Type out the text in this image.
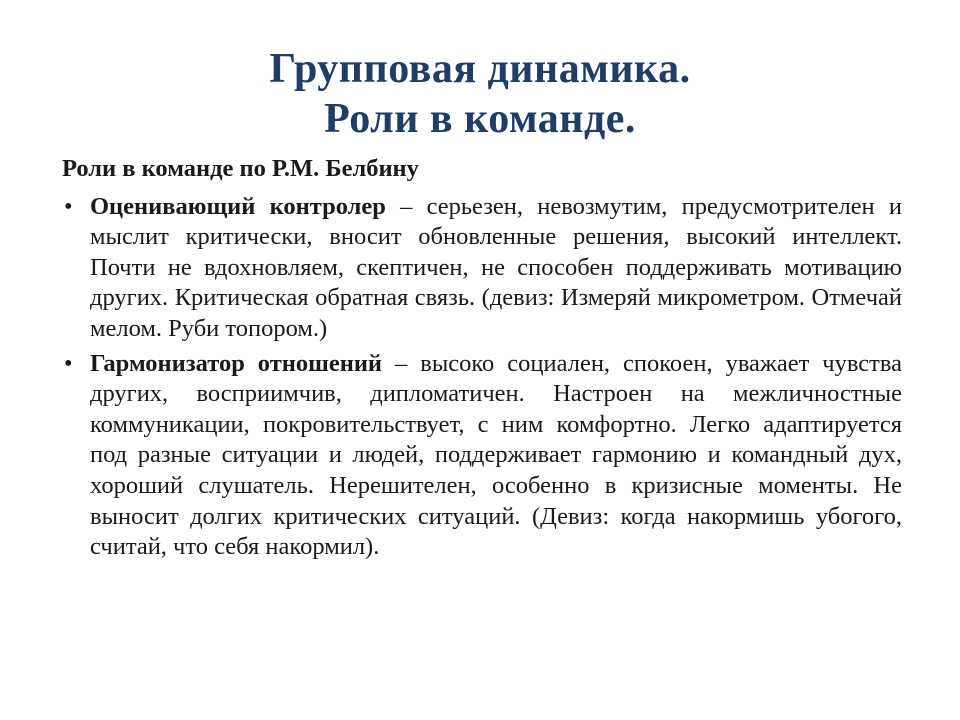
Групповая динамика.
Роли в команде.
Роли в команде по Р.М. Белбину
• Оценивающий контролер – серьезен, невозмутим, предусмотрителен и мыслит критически, вносит обновленные решения, высокий интеллект. Почти не вдохновляем, скептичен, не способен поддерживать мотивацию других. Критическая обратная связь. (девиз: Измеряй микрометром. Отмечай мелом. Руби топором.)
• Гармонизатор отношений – высоко социален, спокоен, уважает чувства других, восприимчив, дипломатичен. Настроен на межличностные коммуникации, покровительствует, с ним комфортно. Легко адаптируется под разные ситуации и людей, поддерживает гармонию и командный дух, хороший слушатель. Нерешителен, особенно в кризисные моменты. Не выносит долгих критических ситуаций. (Девиз: когда накормишь убогого, считай, что себя накормил).
